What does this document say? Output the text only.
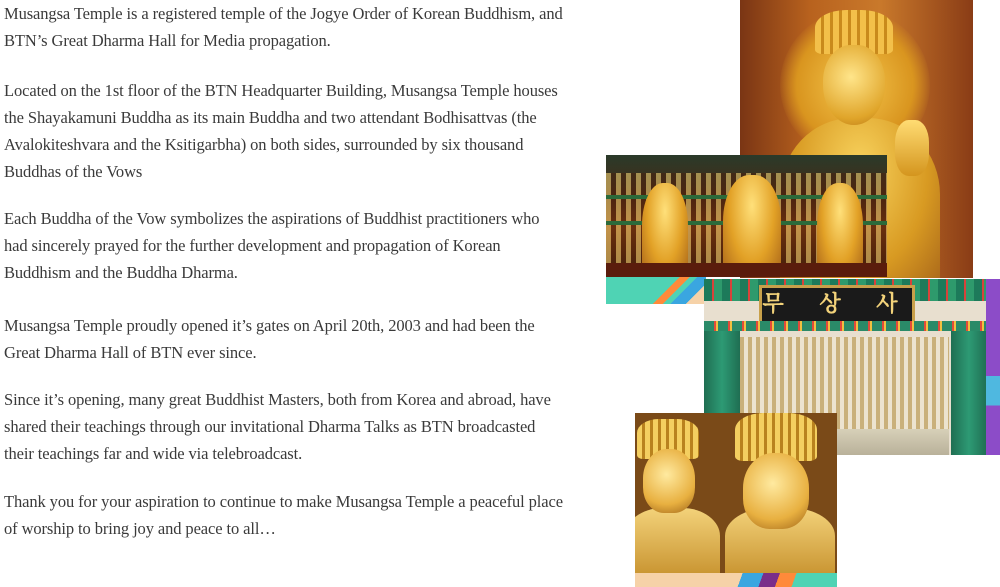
Musangsa Temple is a registered temple of the Jogye Order of Korean Buddhism, and BTN’s Great Dharma Hall for Media propagation.

Located on the 1st floor of the BTN Headquarter Building, Musangsa Temple houses the Shayakamuni Buddha as its main Buddha and two attendant Bodhisattvas (the Avalokiteshvara and the Ksitigarbha) on both sides, surrounded by six thousand Buddhas of the Vows

Each Buddha of the Vow symbolizes the aspirations of Buddhist practitioners who had sincerely prayed for the further development and propagation of Korean Buddhism and the Buddha Dharma.

Musangsa Temple proudly opened it’s gates on April 20th, 2003 and had been the Great Dharma Hall of BTN ever since.

Since it’s opening, many great Buddhist Masters, both from Korea and abroad, have shared their teachings through our invitational Dharma Talks as BTN broadcasted their teachings far and wide via telebroadcast.

Thank you for your aspiration to continue to make Musangsa Temple a peaceful place of worship to bring joy and peace to all…

무 상 사
